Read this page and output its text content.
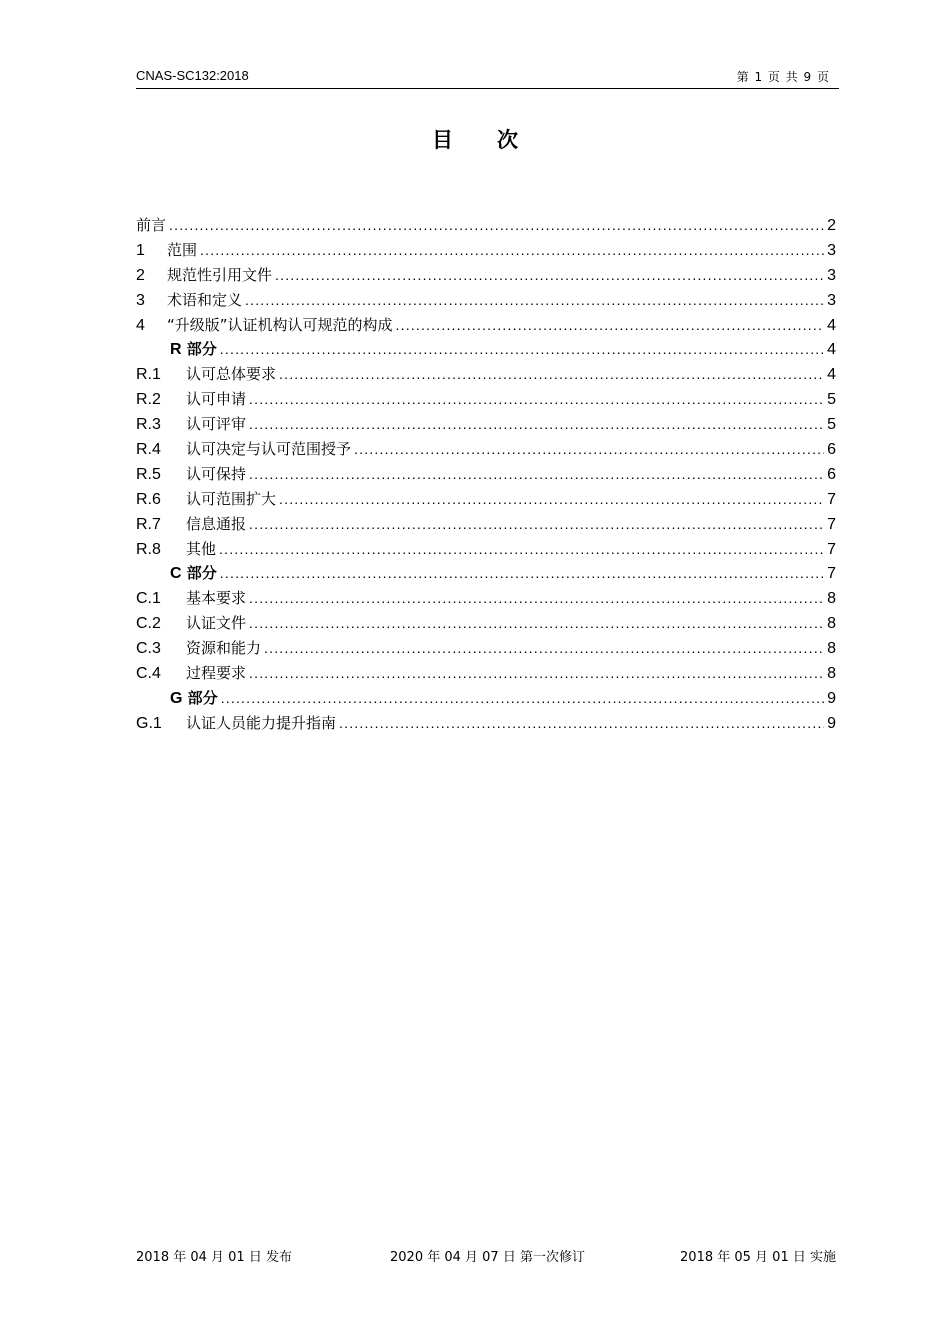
CNAS-SC132:2018	第 1 页 共 9 页
目次
前言 .....	2
1	范围 .....	3
2	规范性引用文件 .....	3
3	术语和定义 .....	3
4	“升级版”认证机构认可规范的构成 .....	4
R 部分 .....	4
R.1	认可总体要求 .....	4
R.2	认可申请 .....	5
R.3	认可评审 .....	5
R.4	认可决定与认可范围授予 .....	6
R.5	认可保持 .....	6
R.6	认可范围扩大 .....	7
R.7	信息通报 .....	7
R.8	其他 .....	7
C 部分 .....	7
C.1	基本要求 .....	8
C.2	认证文件 .....	8
C.3	资源和能力 .....	8
C.4	过程要求 .....	8
G 部分 .....	9
G.1	认证人员能力提升指南 .....	9
2018 年 04 月 01 日 发布	2020 年 04 月 07 日 第一次修订	2018 年 05 月 01 日 实施
